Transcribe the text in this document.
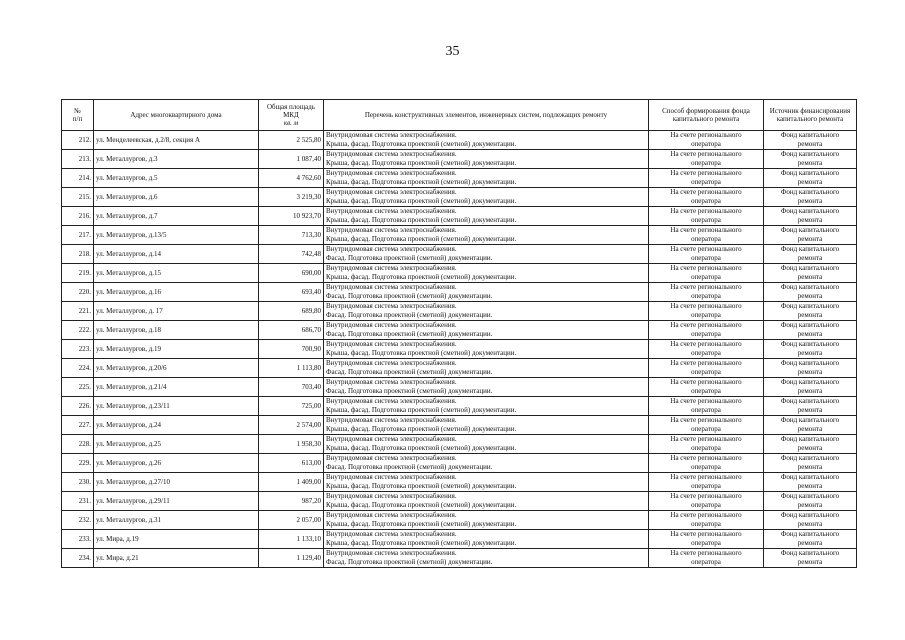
35
№
п/п	Адрес многоквартирного дома	Общая площадь МКД
кв. м	Перечень конструктивных элементов, инженерных систем, подлежащих ремонту	Способ формирования фонда капитального ремонта	Источник финансирования капитального ремонта
212.	ул. Менделеевская, д.2/8, секция А	2 525,80	Внутридомовая система электроснабжения.
Крыша, фасад. Подготовка проектной (сметной) документации.	На счете регионального
оператора	Фонд капитального
ремонта

213.	ул. Металлургов, д.3	1 087,40	Внутридомовая система электроснабжения.
Крыша, фасад. Подготовка проектной (сметной) документации.	На счете регионального
оператора	Фонд капитального
ремонта

214.	ул. Металлургов, д.5	4 762,60	Внутридомовая система электроснабжения.
Крыша, фасад. Подготовка проектной (сметной) документации.	На счете регионального
оператора	Фонд капитального
ремонта

215.	ул. Металлургов, д.6	3 219,30	Внутридомовая система электроснабжения.
Крыша, фасад. Подготовка проектной (сметной) документации.	На счете регионального
оператора	Фонд капитального
ремонта

216.	ул. Металлургов, д.7	10 923,70	Внутридомовая система электроснабжения.
Крыша, фасад. Подготовка проектной (сметной) документации.	На счете регионального
оператора	Фонд капитального
ремонта

217.	ул. Металлургов, д.13/5	713,30	Внутридомовая система электроснабжения.
Крыша, фасад. Подготовка проектной (сметной) документации.	На счете регионального
оператора	Фонд капитального
ремонта

218.	ул. Металлургов, д.14	742,48	Внутридомовая система электроснабжения.
Фасад. Подготовка проектной (сметной) документации.	На счете регионального
оператора	Фонд капитального
ремонта

219.	ул. Металлургов, д.15	690,00	Внутридомовая система электроснабжения.
Крыша, фасад. Подготовка проектной (сметной) документации.	На счете регионального
оператора	Фонд капитального
ремонта

220.	ул. Металлургов, д.16	693,40	Внутридомовая система электроснабжения.
Фасад. Подготовка проектной (сметной) документации.	На счете регионального
оператора	Фонд капитального
ремонта

221.	ул. Металлургов, д. 17	689,80	Внутридомовая система электроснабжения.
Фасад. Подготовка проектной (сметной) документации.	На счете регионального
оператора	Фонд капитального
ремонта

222.	ул. Металлургов, д.18	686,70	Внутридомовая система электроснабжения.
Фасад. Подготовка проектной (сметной) документации.	На счете регионального
оператора	Фонд капитального
ремонта

223.	ул. Металлургов, д.19	700,90	Внутридомовая система электроснабжения.
Крыша, фасад. Подготовка проектной (сметной) документации.	На счете регионального
оператора	Фонд капитального
ремонта

224.	ул. Металлургов, д.20/6	1 113,80	Внутридомовая система электроснабжения.
Фасад. Подготовка проектной (сметной) документации.	На счете регионального
оператора	Фонд капитального
ремонта

225.	ул. Металлургов, д.21/4	703,40	Внутридомовая система электроснабжения.
Фасад. Подготовка проектной (сметной) документации.	На счете регионального
оператора	Фонд капитального
ремонта

226.	ул. Металлургов, д.23/11	725,00	Внутридомовая система электроснабжения.
Крыша, фасад. Подготовка проектной (сметной) документации.	На счете регионального
оператора	Фонд капитального
ремонта

227.	ул. Металлургов, д.24	2 574,00	Внутридомовая система электроснабжения.
Крыша, фасад. Подготовка проектной (сметной) документации.	На счете регионального
оператора	Фонд капитального
ремонта

228.	ул. Металлургов, д.25	1 958,30	Внутридомовая система электроснабжения.
Крыша, фасад. Подготовка проектной (сметной) документации.	На счете регионального
оператора	Фонд капитального
ремонта

229.	ул. Металлургов, д.26	613,00	Внутридомовая система электроснабжения.
Фасад. Подготовка проектной (сметной) документации.	На счете регионального
оператора	Фонд капитального
ремонта

230.	ул. Металлургов, д.27/10	1 409,00	Внутридомовая система электроснабжения.
Крыша, фасад. Подготовка проектной (сметной) документации.	На счете регионального
оператора	Фонд капитального
ремонта

231.	ул. Металлургов, д.29/11	987,20	Внутридомовая система электроснабжения.
Крыша, фасад. Подготовка проектной (сметной) документации.	На счете регионального
оператора	Фонд капитального
ремонта

232.	ул. Металлургов, д.31	2 057,00	Внутридомовая система электроснабжения.
Крыша, фасад. Подготовка проектной (сметной) документации.	На счете регионального
оператора	Фонд капитального
ремонта

233.	ул. Мира, д.19	1 133,10	Внутридомовая система электроснабжения.
Крыша, фасад. Подготовка проектной (сметной) документации.	На счете регионального
оператора	Фонд капитального
ремонта

234.	ул. Мира, д.21	1 129,40	Внутридомовая система электроснабжения.
Фасад. Подготовка проектной (сметной) документации.	На счете регионального
оператора	Фонд капитального
ремонта
